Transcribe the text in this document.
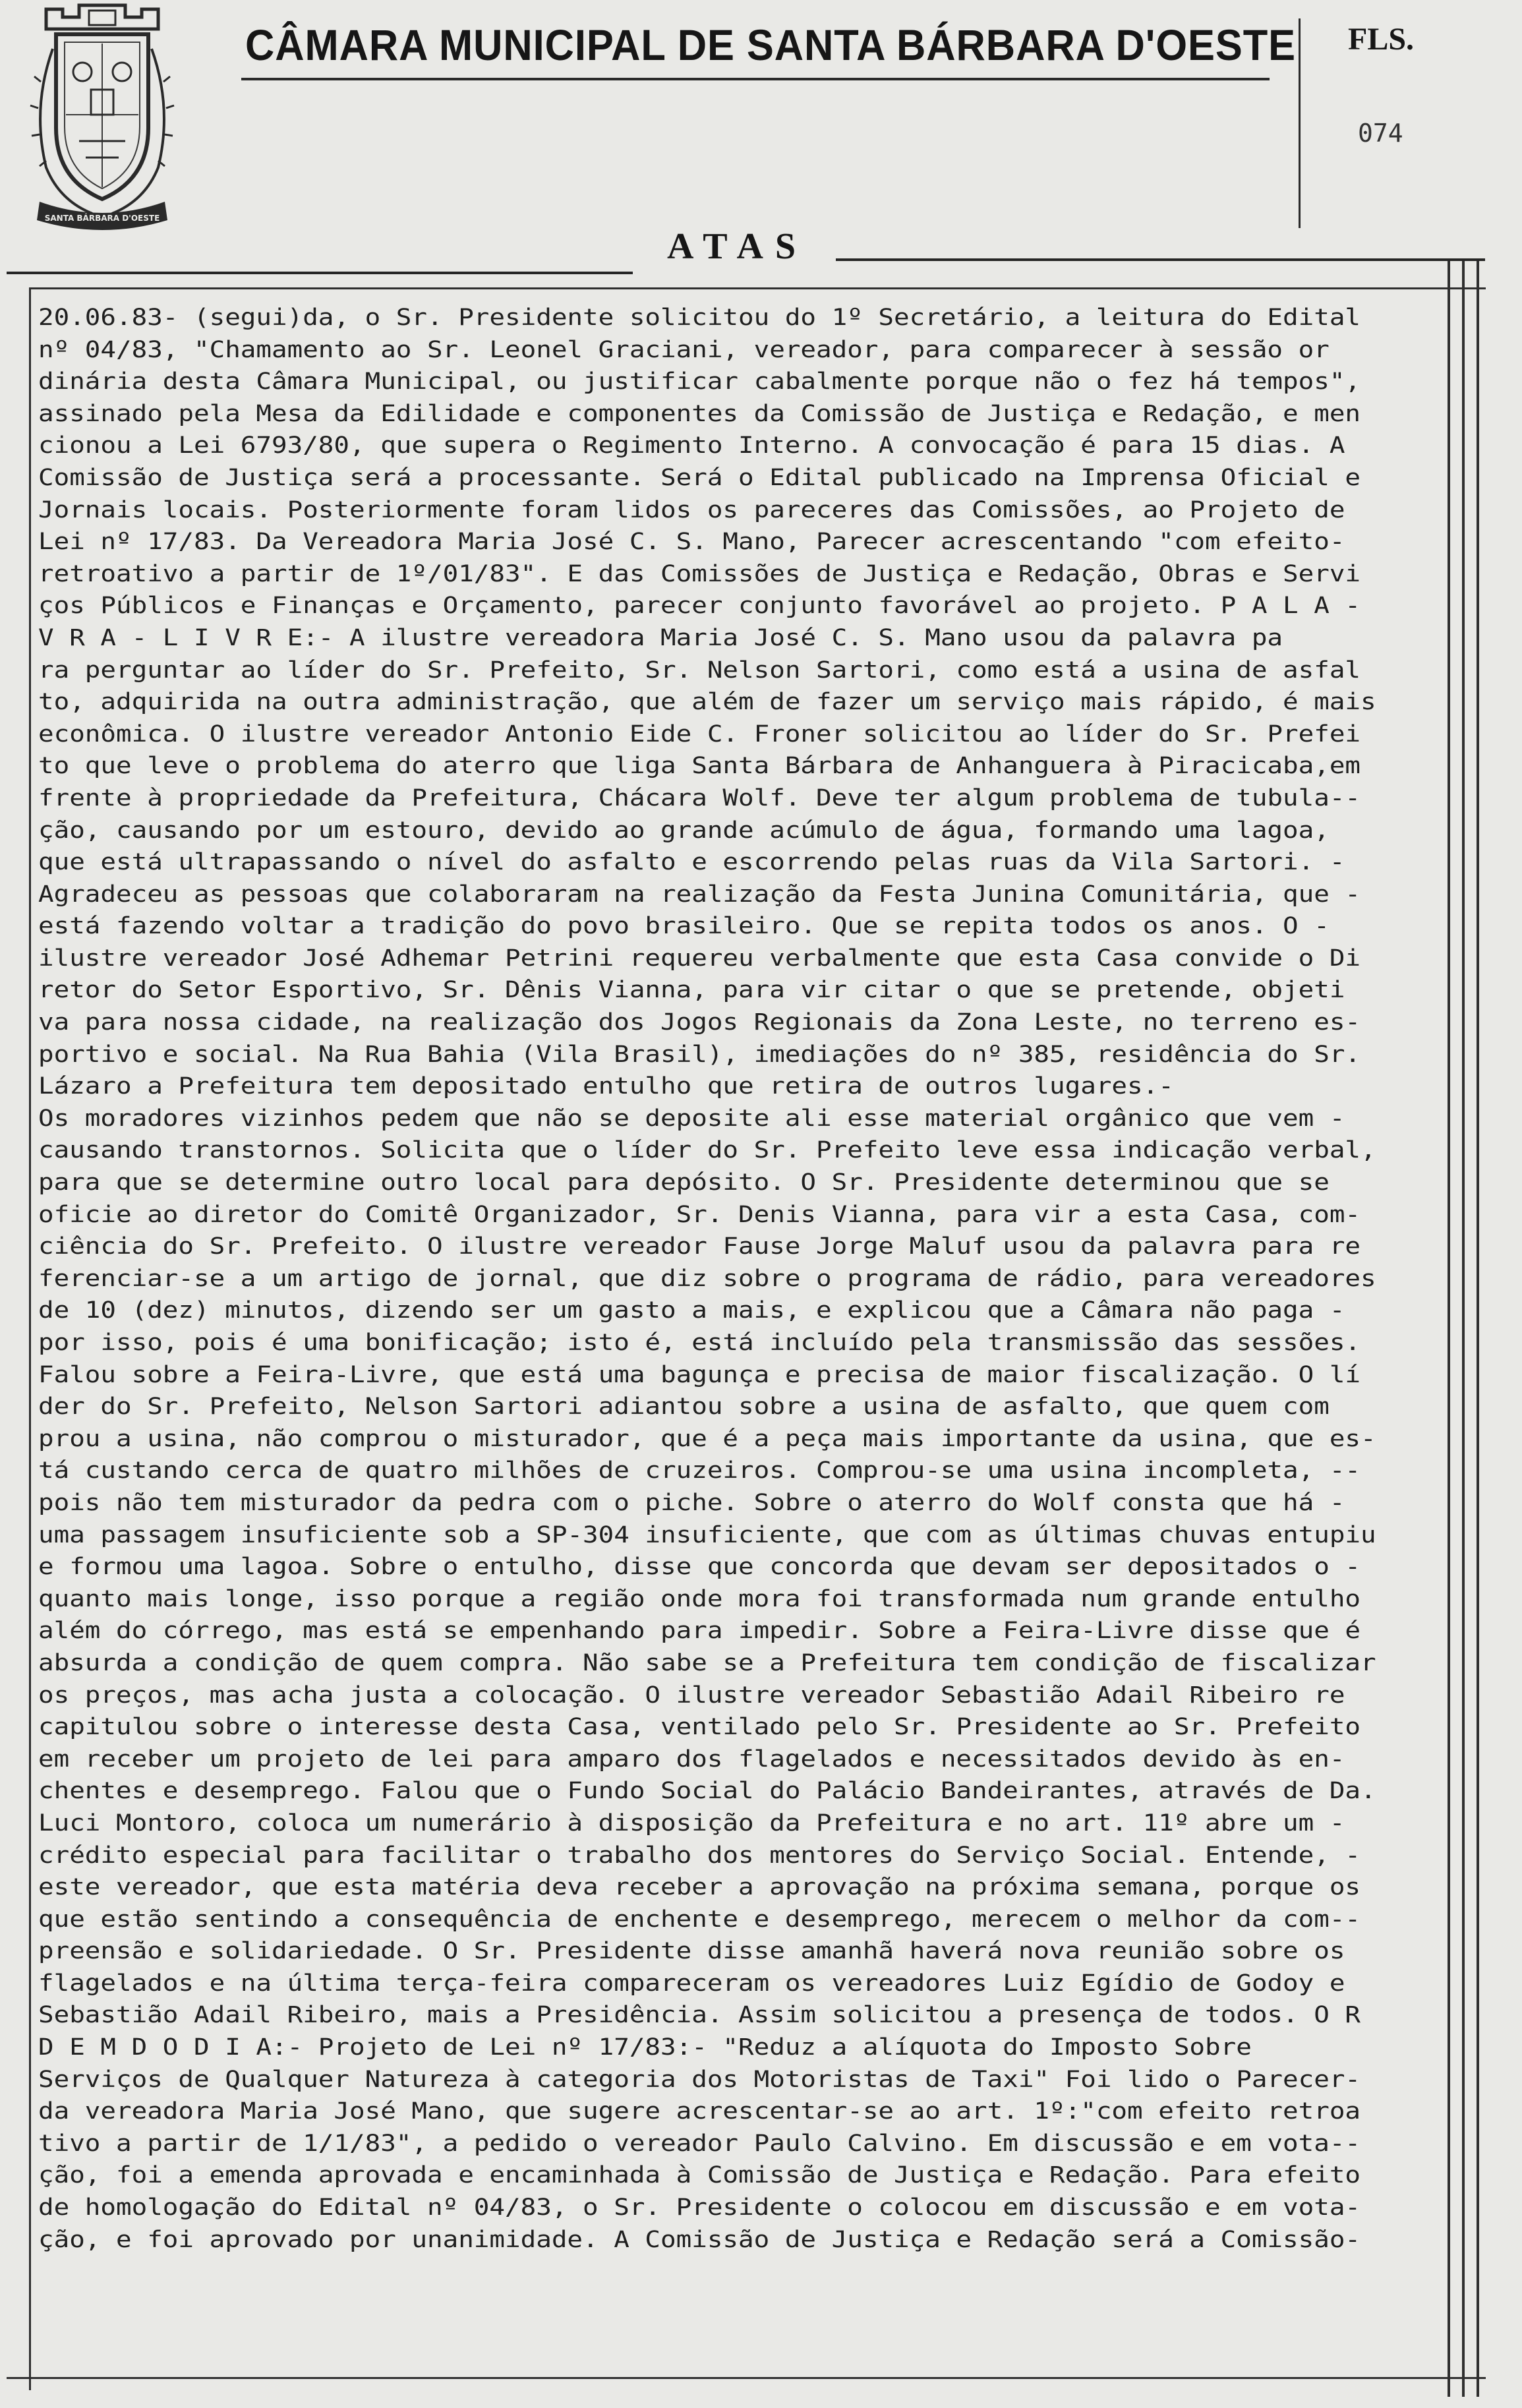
SANTA BÁRBARA D'OESTE
CÂMARA MUNICIPAL DE SANTA BÁRBARA D'OESTE FLS.
074
ATAS
20.06.83- (segui)da, o Sr. Presidente solicitou do 1º Secretário, a leitura do Edital
nº 04/83, "Chamamento ao Sr. Leonel Graciani, vereador, para comparecer à sessão or
dinária desta Câmara Municipal, ou justificar cabalmente porque não o fez há tempos",
assinado pela Mesa da Edilidade e componentes da Comissão de Justiça e Redação, e men
cionou a Lei 6793/80, que supera o Regimento Interno. A convocação é para 15 dias. A
Comissão de Justiça será a processante. Será o Edital publicado na Imprensa Oficial e
Jornais locais. Posteriormente foram lidos os pareceres das Comissões, ao Projeto de
Lei nº 17/83. Da Vereadora Maria José C. S. Mano, Parecer acrescentando "com efeito-
retroativo a partir de 1º/01/83". E das Comissões de Justiça e Redação, Obras e Servi
ços Públicos e Finanças e Orçamento, parecer conjunto favorável ao projeto. P A L A -
V R A - L I V R E:- A ilustre vereadora Maria José C. S. Mano usou da palavra pa
ra perguntar ao líder do Sr. Prefeito, Sr. Nelson Sartori, como está a usina de asfal
to, adquirida na outra administração, que além de fazer um serviço mais rápido, é mais
econômica. O ilustre vereador Antonio Eide C. Froner solicitou ao líder do Sr. Prefei
to que leve o problema do aterro que liga Santa Bárbara de Anhanguera à Piracicaba,em
frente à propriedade da Prefeitura, Chácara Wolf. Deve ter algum problema de tubula--
ção, causando por um estouro, devido ao grande acúmulo de água, formando uma lagoa,
que está ultrapassando o nível do asfalto e escorrendo pelas ruas da Vila Sartori. -
Agradeceu as pessoas que colaboraram na realização da Festa Junina Comunitária, que -
está fazendo voltar a tradição do povo brasileiro. Que se repita todos os anos. O -
ilustre vereador José Adhemar Petrini requereu verbalmente que esta Casa convide o Di
retor do Setor Esportivo, Sr. Dênis Vianna, para vir citar o que se pretende, objeti
va para nossa cidade, na realização dos Jogos Regionais da Zona Leste, no terreno es-
portivo e social. Na Rua Bahia (Vila Brasil), imediações do nº 385, residência do Sr.
Lázaro a Prefeitura tem depositado entulho que retira de outros lugares.-
Os moradores vizinhos pedem que não se deposite ali esse material orgânico que vem -
causando transtornos. Solicita que o líder do Sr. Prefeito leve essa indicação verbal,
para que se determine outro local para depósito. O Sr. Presidente determinou que se
oficie ao diretor do Comitê Organizador, Sr. Denis Vianna, para vir a esta Casa, com-
ciência do Sr. Prefeito. O ilustre vereador Fause Jorge Maluf usou da palavra para re
ferenciar-se a um artigo de jornal, que diz sobre o programa de rádio, para vereadores
de 10 (dez) minutos, dizendo ser um gasto a mais, e explicou que a Câmara não paga -
por isso, pois é uma bonificação; isto é, está incluído pela transmissão das sessões.
Falou sobre a Feira-Livre, que está uma bagunça e precisa de maior fiscalização. O lí
der do Sr. Prefeito, Nelson Sartori adiantou sobre a usina de asfalto, que quem com
prou a usina, não comprou o misturador, que é a peça mais importante da usina, que es-
tá custando cerca de quatro milhões de cruzeiros. Comprou-se uma usina incompleta, --
pois não tem misturador da pedra com o piche. Sobre o aterro do Wolf consta que há -
uma passagem insuficiente sob a SP-304 insuficiente, que com as últimas chuvas entupiu
e formou uma lagoa. Sobre o entulho, disse que concorda que devam ser depositados o -
quanto mais longe, isso porque a região onde mora foi transformada num grande entulho
além do córrego, mas está se empenhando para impedir. Sobre a Feira-Livre disse que é
absurda a condição de quem compra. Não sabe se a Prefeitura tem condição de fiscalizar
os preços, mas acha justa a colocação. O ilustre vereador Sebastião Adail Ribeiro re
capitulou sobre o interesse desta Casa, ventilado pelo Sr. Presidente ao Sr. Prefeito
em receber um projeto de lei para amparo dos flagelados e necessitados devido às en-
chentes e desemprego. Falou que o Fundo Social do Palácio Bandeirantes, através de Da.
Luci Montoro, coloca um numerário à disposição da Prefeitura e no art. 11º abre um -
crédito especial para facilitar o trabalho dos mentores do Serviço Social. Entende, -
este vereador, que esta matéria deva receber a aprovação na próxima semana, porque os
que estão sentindo a consequência de enchente e desemprego, merecem o melhor da com--
preensão e solidariedade. O Sr. Presidente disse amanhã haverá nova reunião sobre os
flagelados e na última terça-feira compareceram os vereadores Luiz Egídio de Godoy e
Sebastião Adail Ribeiro, mais a Presidência. Assim solicitou a presença de todos. O R
D E M D O D I A:- Projeto de Lei nº 17/83:- "Reduz a alíquota do Imposto Sobre
Serviços de Qualquer Natureza à categoria dos Motoristas de Taxi" Foi lido o Parecer-
da vereadora Maria José Mano, que sugere acrescentar-se ao art. 1º:"com efeito retroa
tivo a partir de 1/1/83", a pedido o vereador Paulo Calvino. Em discussão e em vota--
ção, foi a emenda aprovada e encaminhada à Comissão de Justiça e Redação. Para efeito
de homologação do Edital nº 04/83, o Sr. Presidente o colocou em discussão e em vota-
ção, e foi aprovado por unanimidade. A Comissão de Justiça e Redação será a Comissão-
